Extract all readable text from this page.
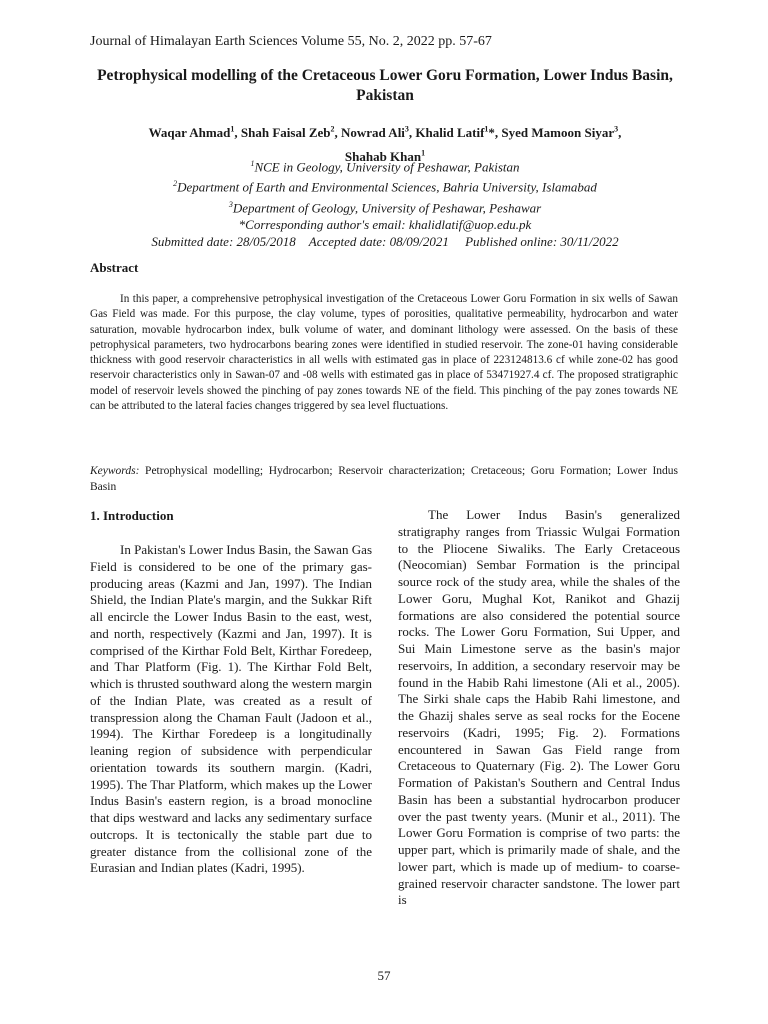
Journal of Himalayan Earth Sciences Volume 55, No. 2, 2022 pp. 57-67
Petrophysical modelling of the Cretaceous Lower Goru Formation, Lower Indus Basin, Pakistan
Waqar Ahmad$^1$, Shah Faisal Zeb$^2$, Nowrad Ali$^3$, Khalid Latif$^1$*, Syed Mamoon Siyar$^3$,
Shahab Khan$^1$
$^1$NCE in Geology, University of Peshawar, Pakistan
$^2$Department of Earth and Environmental Sciences, Bahria University, Islamabad
$^3$Department of Geology, University of Peshawar, Peshawar
*Corresponding author's email: khalidlatif@uop.edu.pk
Submitted date: 28/05/2018 Accepted date: 08/09/2021 Published online: 30/11/2022
Abstract

In this paper, a comprehensive petrophysical investigation of the Cretaceous Lower Goru Formation in six wells of Sawan Gas Field was made. For this purpose, the clay volume, types of porosities, qualitative permeability, hydrocarbon and water saturation, movable hydrocarbon index, bulk volume of water, and dominant lithology were assessed. On the basis of these petrophysical parameters, two hydrocarbons bearing zones were identified in studied reservoir. The zone-01 having considerable thickness with good reservoir characteristics in all wells with estimated gas in place of 223124813.6 cf while zone-02 has good reservoir characteristics only in Sawan-07 and -08 wells with estimated gas in place of 53471927.4 cf. The proposed stratigraphic model of reservoir levels showed the pinching of pay zones towards NE of the field. This pinching of the pay zones towards NE can be attributed to the lateral facies changes triggered by sea level fluctuations.

Keywords: Petrophysical modelling; Hydrocarbon; Reservoir characterization; Cretaceous; Goru Formation; Lower Indus Basin

1. Introduction

In Pakistan's Lower Indus Basin, the Sawan Gas Field is considered to be one of the primary gas-producing areas (Kazmi and Jan, 1997). The Indian Shield, the Indian Plate's margin, and the Sukkar Rift all encircle the Lower Indus Basin to the east, west, and north, respectively (Kazmi and Jan, 1997). It is comprised of the Kirthar Fold Belt, Kirthar Foredeep, and Thar Platform (Fig. 1). The Kirthar Fold Belt, which is thrusted southward along the western margin of the Indian Plate, was created as a result of transpression along the Chaman Fault (Jadoon et al., 1994). The Kirthar Foredeep is a longitudinally leaning region of subsidence with perpendicular orientation towards its southern margin. (Kadri, 1995). The Thar Platform, which makes up the Lower Indus Basin's eastern region, is a broad monocline that dips westward and lacks any sedimentary surface outcrops. It is tectonically the stable part due to greater distance from the collisional zone of the Eurasian and Indian plates (Kadri, 1995).

The Lower Indus Basin's generalized stratigraphy ranges from Triassic Wulgai Formation to the Pliocene Siwaliks. The Early Cretaceous (Neocomian) Sembar Formation is the principal source rock of the study area, while the shales of the Lower Goru, Mughal Kot, Ranikot and Ghazij formations are also considered the potential source rocks. The Lower Goru Formation, Sui Upper, and Sui Main Limestone serve as the basin's major reservoirs, In addition, a secondary reservoir may be found in the Habib Rahi limestone (Ali et al., 2005). The Sirki shale caps the Habib Rahi limestone, and the Ghazij shales serve as seal rocks for the Eocene reservoirs (Kadri, 1995; Fig. 2). Formations encountered in Sawan Gas Field range from Cretaceous to Quaternary (Fig. 2). The Lower Goru Formation of Pakistan's Southern and Central Indus Basin has been a substantial hydrocarbon producer over the past twenty years. (Munir et al., 2011). The Lower Goru Formation is comprise of two parts: the upper part, which is primarily made of shale, and the lower part, which is made up of medium- to coarse-grained reservoir character sandstone. The lower part is

57
